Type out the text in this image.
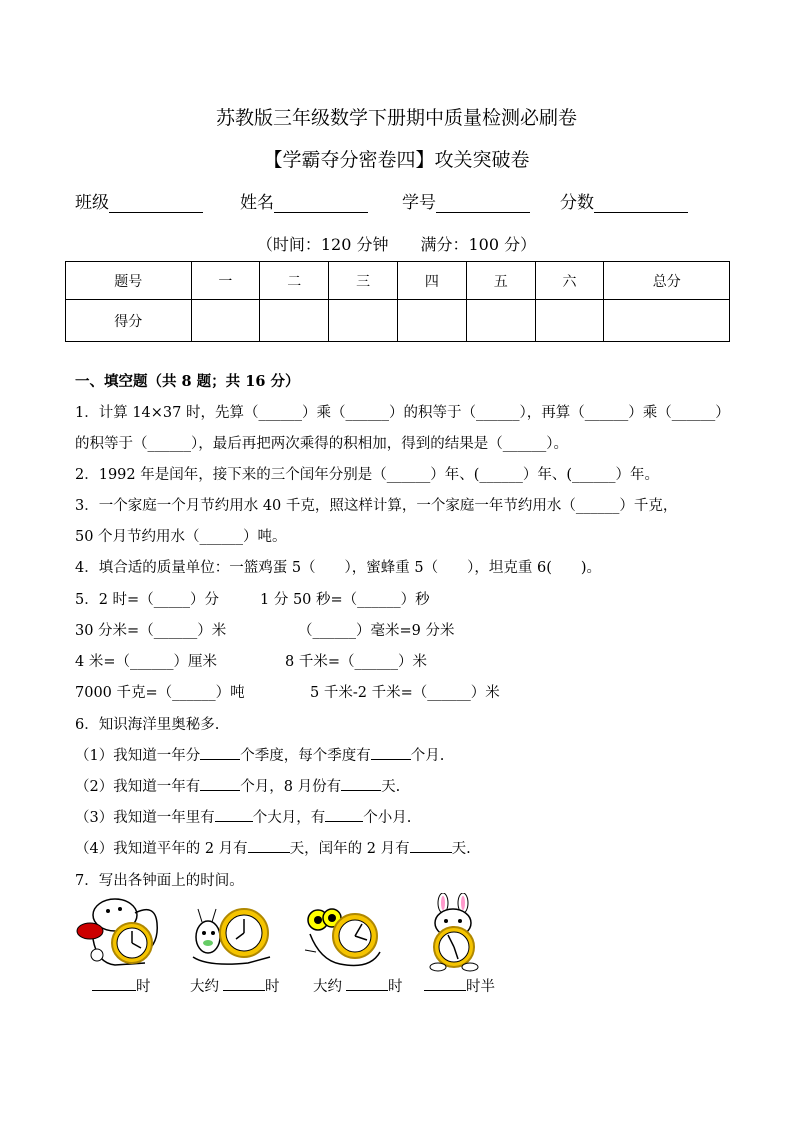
苏教版三年级数学下册期中质量检测必刷卷
【学霸夺分密卷四】攻关突破卷
班级	姓名	学号	分数
（时间：120 分钟　　满分：100 分）
题号	一	二	三	四	五	六	总分
得分							
一、填空题（共 8 题；共 16 分）
1．计算 14×37 时，先算（______）乘（______）的积等于（______），再算（______）乘（______）
的积等于（______），最后再把两次乘得的积相加，得到的结果是（______）。
2．1992 年是闰年，接下来的三个闰年分别是（______）年、(______）年、(______）年。
3．一个家庭一个月节约用水 40 千克，照这样计算，一个家庭一年节约用水（______）千克，
50 个月节约用水（______）吨。
4．填合适的质量单位：一篮鸡蛋 5（　　），蜜蜂重 5（　　），坦克重 6(　　)。
5．2 时=（_____）分	1 分 50 秒=（______）秒
30 分米=（______）米	（______）毫米=9 分米
4 米=（______）厘米	8 千米=（______）米
7000 千克=（______）吨	5 千米-2 千米=（______）米
6．知识海洋里奥秘多.
（1）我知道一年分	个季度，每个季度有	个月.
（2）我知道一年有	个月，8 月份有	天.
（3）我知道一年里有	个大月，有	个小月.
（4）我知道平年的 2 月有	天，闰年的 2 月有	天.
7．写出各钟面上的时间。
时	大约	时 大约	时	时半
